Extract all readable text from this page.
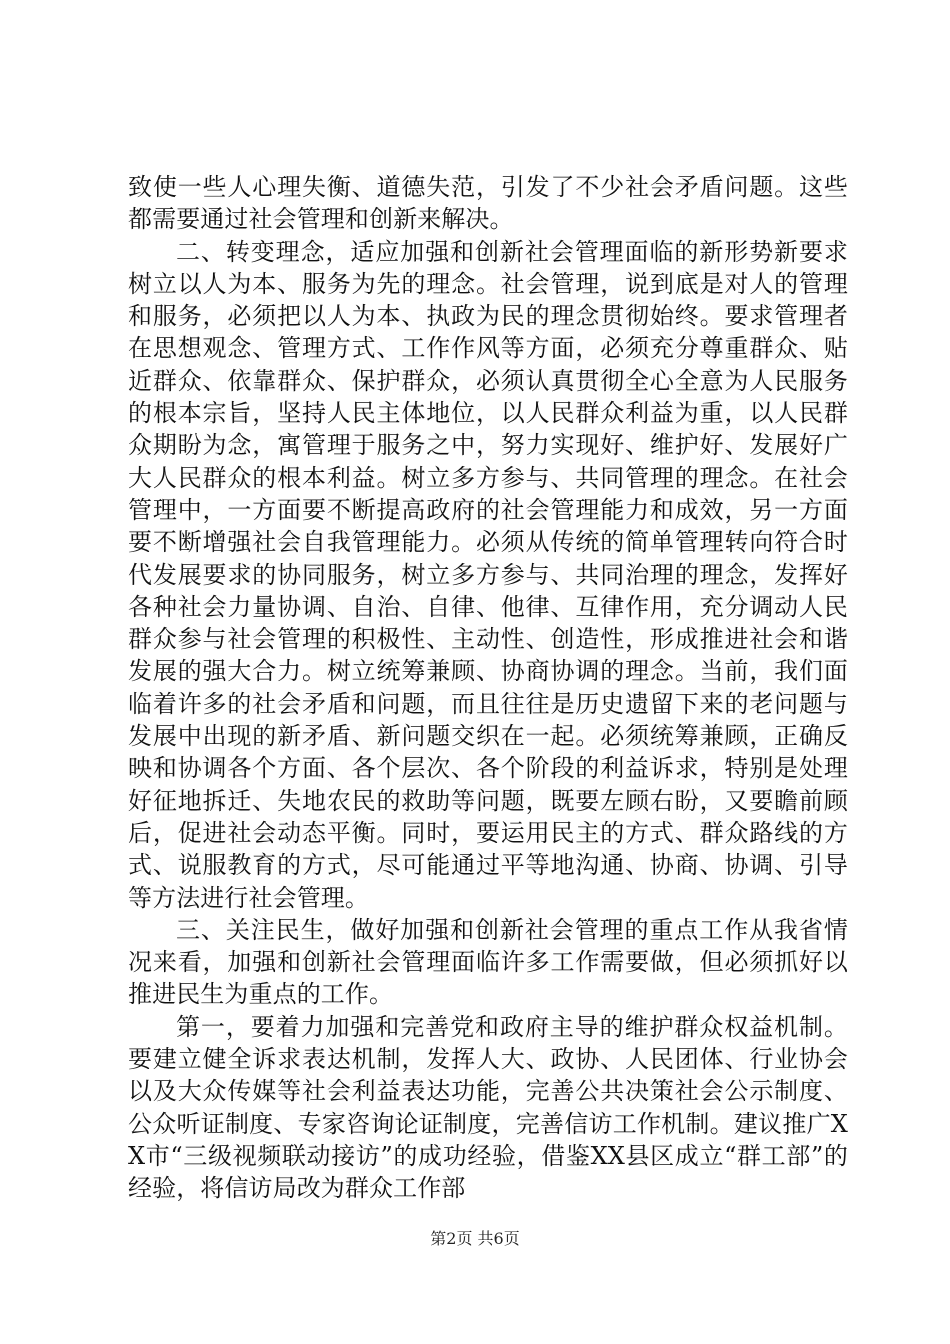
致使一些人心理失衡、道德失范，引发了不少社会矛盾问题。这些都需要通过社会管理和创新来解决。

二、转变理念，适应加强和创新社会管理面临的新形势新要求树立以人为本、服务为先的理念。社会管理，说到底是对人的管理和服务，必须把以人为本、执政为民的理念贯彻始终。要求管理者在思想观念、管理方式、工作作风等方面，必须充分尊重群众、贴近群众、依靠群众、保护群众，必须认真贯彻全心全意为人民服务的根本宗旨，坚持人民主体地位，以人民群众利益为重，以人民群众期盼为念，寓管理于服务之中，努力实现好、维护好、发展好广大人民群众的根本利益。树立多方参与、共同管理的理念。在社会管理中，一方面要不断提高政府的社会管理能力和成效，另一方面要不断增强社会自我管理能力。必须从传统的简单管理转向符合时代发展要求的协同服务，树立多方参与、共同治理的理念，发挥好各种社会力量协调、自治、自律、他律、互律作用，充分调动人民群众参与社会管理的积极性、主动性、创造性，形成推进社会和谐发展的强大合力。树立统筹兼顾、协商协调的理念。当前，我们面临着许多的社会矛盾和问题，而且往往是历史遗留下来的老问题与发展中出现的新矛盾、新问题交织在一起。必须统筹兼顾，正确反映和协调各个方面、各个层次、各个阶段的利益诉求，特别是处理好征地拆迁、失地农民的救助等问题，既要左顾右盼，又要瞻前顾后，促进社会动态平衡。同时，要运用民主的方式、群众路线的方式、说服教育的方式，尽可能通过平等地沟通、协商、协调、引导等方法进行社会管理。

三、关注民生，做好加强和创新社会管理的重点工作从我省情况来看，加强和创新社会管理面临许多工作需要做，但必须抓好以推进民生为重点的工作。

第一，要着力加强和完善党和政府主导的维护群众权益机制。要建立健全诉求表达机制，发挥人大、政协、人民团体、行业协会以及大众传媒等社会利益表达功能，完善公共决策社会公示制度、公众听证制度、专家咨询论证制度，完善信访工作机制。建议推广XX市“三级视频联动接访”的成功经验，借鉴XX县区成立“群工部”的经验，将信访局改为群众工作部

第2页 共6页
